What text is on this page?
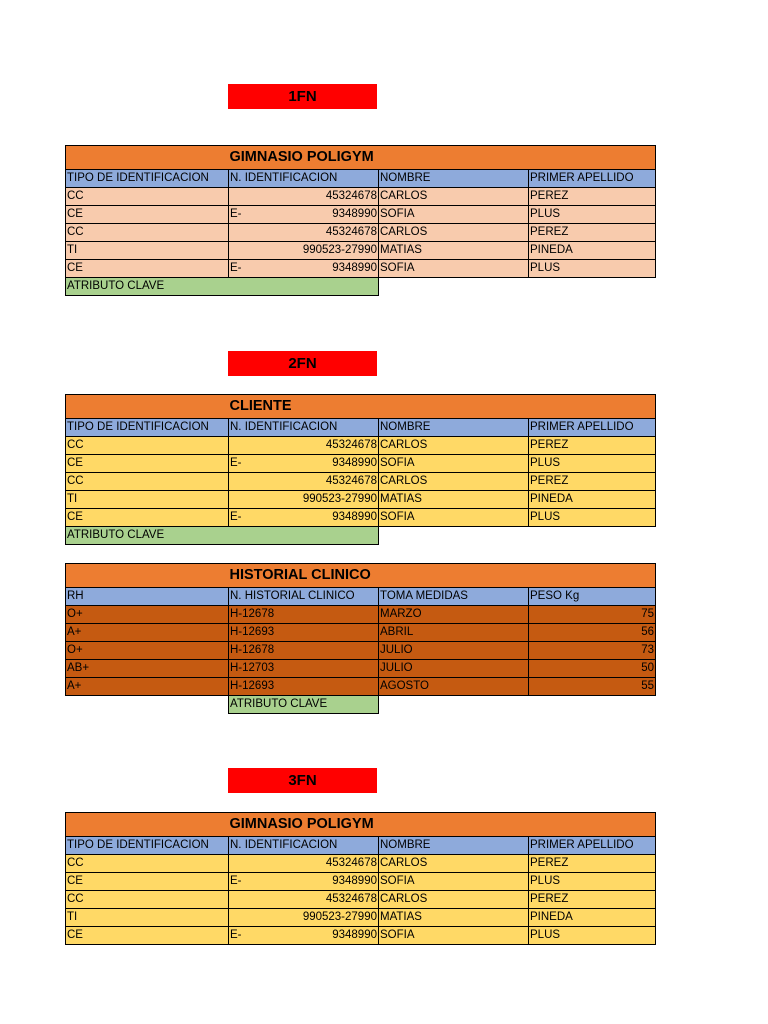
1FN
	GIMNASIO POLIGYM		
TIPO DE IDENTIFICACION	N. IDENTIFICACION	NOMBRE	PRIMER APELLIDO
CC	45324678	CARLOS	PEREZ
CE	E- 9348990	SOFIA	PLUS
CC	45324678	CARLOS	PEREZ
TI	990523-27990	MATIAS	PINEDA
CE	E- 9348990	SOFIA	PLUS
ATRIBUTO CLAVE			
2FN
	CLIENTE		
TIPO DE IDENTIFICACION	N. IDENTIFICACION	NOMBRE	PRIMER APELLIDO
CC	45324678	CARLOS	PEREZ
CE	E- 9348990	SOFIA	PLUS
CC	45324678	CARLOS	PEREZ
TI	990523-27990	MATIAS	PINEDA
CE	E- 9348990	SOFIA	PLUS
ATRIBUTO CLAVE			
	HISTORIAL CLINICO		
RH	N. HISTORIAL CLINICO	TOMA MEDIDAS	PESO Kg
O+	H-12678	MARZO	75
A+	H-12693	ABRIL	56
O+	H-12678	JULIO	73
AB+	H-12703	JULIO	50
A+	H-12693	AGOSTO	55
	ATRIBUTO CLAVE		
3FN
	GIMNASIO POLIGYM		
TIPO DE IDENTIFICACION	N. IDENTIFICACION	NOMBRE	PRIMER APELLIDO
CC	45324678	CARLOS	PEREZ
CE	E- 9348990	SOFIA	PLUS
CC	45324678	CARLOS	PEREZ
TI	990523-27990	MATIAS	PINEDA
CE	E- 9348990	SOFIA	PLUS
